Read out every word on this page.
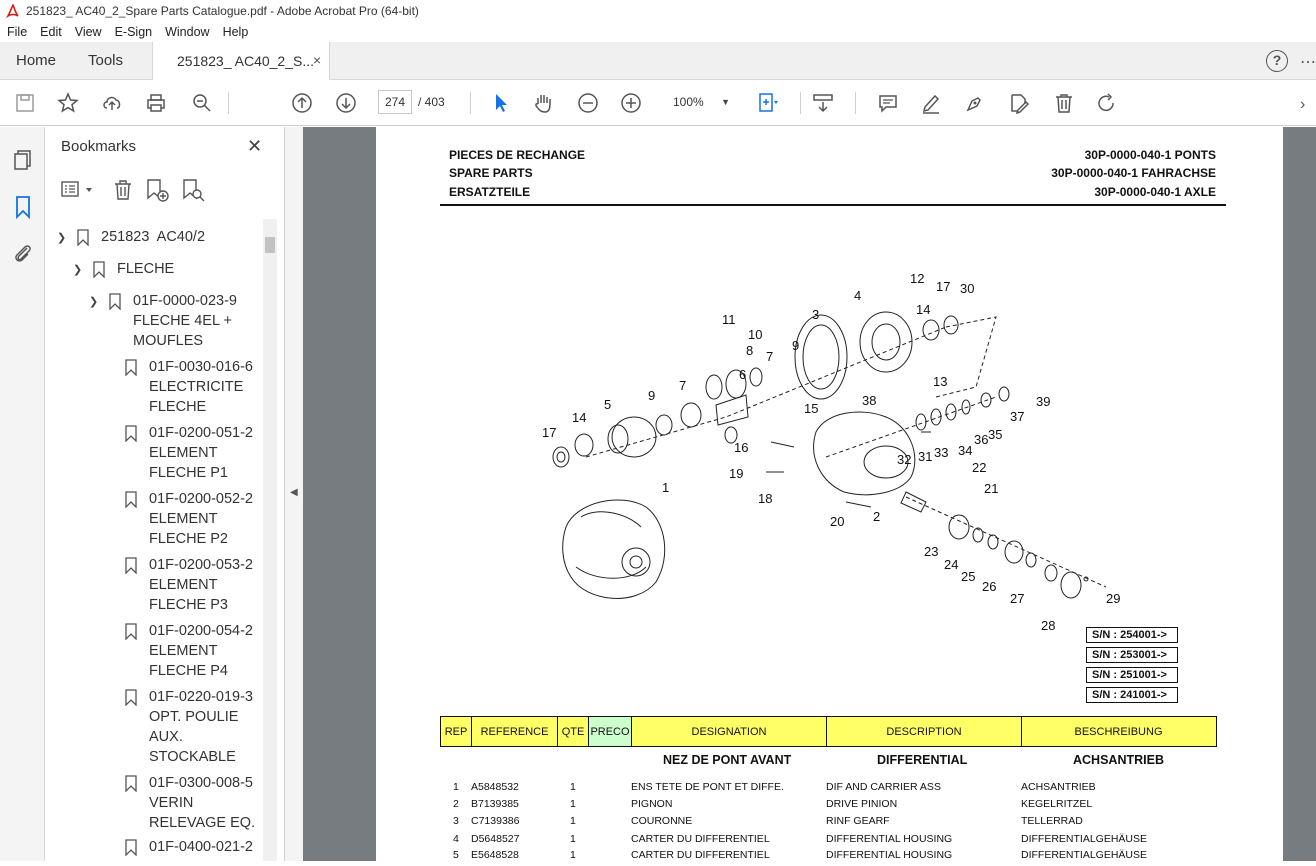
251823_ AC40_2_Spare Parts Catalogue.pdf - Adobe Acrobat Pro (64-bit)
File	Edit	View	E-Sign	Window	Help
Home Tools	251823_ AC40_2_S...
×	?	⋯
274	/ 403	100% ▼	›
Bookmarks	✕
❯ 251823  AC40/2
❯ FLECHE
❯ 01F-0000-023-9
FLECHE 4EL +
MOUFLES
01F-0030-016-6
ELECTRICITE
FLECHE
01F-0200-051-2
ELEMENT
FLECHE P1
01F-0200-052-2
ELEMENT
FLECHE P2
01F-0200-053-2
ELEMENT
FLECHE P3
01F-0200-054-2
ELEMENT
FLECHE P4
01F-0220-019-3
OPT. POULIE
AUX.
STOCKABLE
01F-0300-008-5
VERIN
RELEVAGE EQ.
01F-0400-021-2
◀
PIECES DE RECHANGE
SPARE PARTS
ERSATZTEILE
30P-0000-040-1 PONTS
30P-0000-040-1 FAHRACHSE
30P-0000-040-1 AXLE
12
17 30
4
14
3
11
10
9
8 7
13
6
7
9
5	38	39
15
37
14
17	35
36
16	34
31 33
32
22
19
21
18
1
2
20
23
24
25
26
27	29
28
S/N : 254001->
S/N : 253001->
S/N : 251001->
S/N : 241001->
REP	REFERENCE	QTE PRECO	DESIGNATION	DESCRIPTION	BESCHREIBUNG
NEZ DE PONT AVANT	DIFFERENTIAL	ACHSANTRIEB
1 A5848532	1	ENS TETE DE PONT ET DIFFE.	DIF AND CARRIER ASS	ACHSANTRIEB
2 B7139385	1	PIGNON	DRIVE PINION	KEGELRITZEL
3 C7139386	1	COURONNE	RINF GEARF	TELLERRAD
4 D5648527	1	CARTER DU DIFFERENTIEL	DIFFERENTIAL HOUSING	DIFFERENTIALGEHÄUSE
5 E5648528	1	CARTER DU DIFFERENTIEL	DIFFERENTIAL HOUSING	DIFFERENTIALGEHÄUSE
